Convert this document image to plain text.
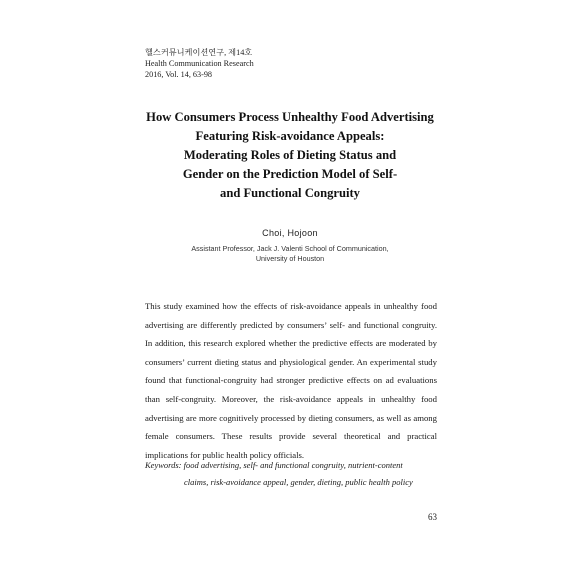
헬스커뮤니케이션연구, 제14호
Health Communication Research
2016, Vol. 14, 63-98
How Consumers Process Unhealthy Food Advertising
Featuring Risk-avoidance Appeals:
Moderating Roles of Dieting Status and
Gender on the Prediction Model of Self-
and Functional Congruity
Choi, Hojoon
Assistant Professor, Jack J. Valenti School of Communication,
University of Houston
This study examined how the effects of risk-avoidance appeals in unhealthy food advertising are differently predicted by consumers’ self- and functional congruity. In addition, this research explored whether the predictive effects are moderated by consumers’ current dieting status and physiological gender. An experimental study found that functional-congruity had stronger predictive effects on ad evaluations than self-congruity. Moreover, the risk-avoidance appeals in unhealthy food advertising are more cognitively processed by dieting consumers, as well as among female consumers. These results provide several theoretical and practical implications for public health policy officials.
Keywords: food advertising, self- and functional congruity, nutrient-content
claims, risk-avoidance appeal, gender, dieting, public health policy
63
